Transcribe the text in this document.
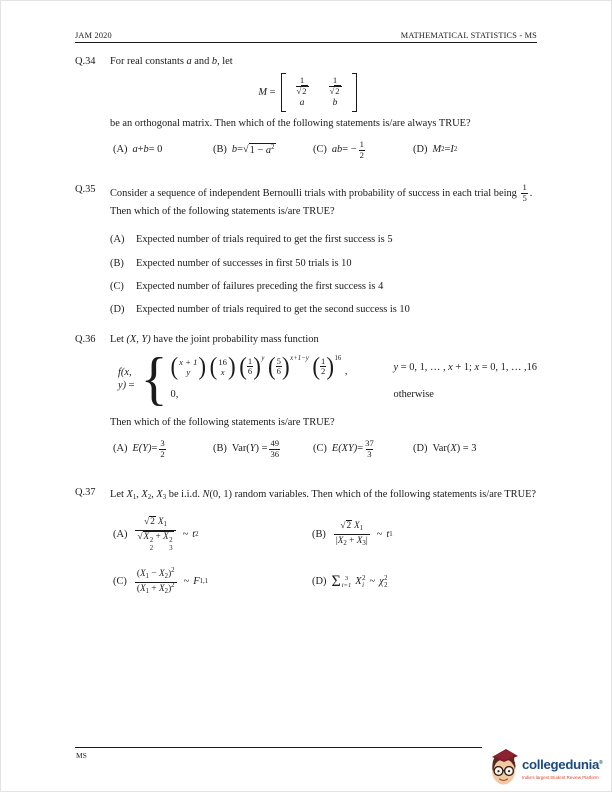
JAM 2020	MATHEMATICAL STATISTICS - MS
Q.34	For real constants a and b, let
M
= $\frac{1}{√2} \frac{1}{√2}$
a	b
be an orthogonal matrix. Then which of the following statements is/are always TRUE?
(A) a + b = 0	(B) b = √ $1 - a^2$	(C) ab = − $\frac{1}{2}$	(D) M 2 = I 2
Q.35	Consider a sequence of independent Bernoulli trials with probability of success in each trial being $\frac{1}{5}$ . Then which of the following statements is/are TRUE?
(A)	Expected number of trials required to get the first success is 5
(B)	Expected number of successes in first 50 trials is 10
(C)	Expected number of failures preceding the first success is 4
(D)	Expected number of trials required to get the second success is 10
Q.36	Let (X, Y) have the joint probability mass function
f(x, y) = { ( x + 1
y )
( 16
x )
( $\frac{1}{6} )^y$
( $\frac{5}{6} )^{x+1-y}$
( $\frac{1}{2} )^{16}$
,	y = 0, 1, … , x + 1; x = 0, 1, … ,16
0,	otherwise
Then which of the following statements is/are TRUE?
(A) $E(Y) = \frac{3}{2}$	(B) Var( Y ) = $\frac{49}{36}$	(C) $E(XY) = \frac{37}{3}$	(D) Var( X ) = 3
Q.37	Let $X_1$, $X_2$, $X_3$ be i.i.d. N(0, 1) random variables. Then which of the following statements is/are TRUE?
(A)
√2  $X_1$
√X 2
2
+ X 2
3
~ t 2	(B)
√2  $X_1$
$|X_2 + X_3|$
~ t 1
(C)
$(X_1 - X_2)^2$
$(X_1 + X_2)^2$ ~ F 1,1	(D) Σ 3
i=1 X 2
i ~ χ 2
2
MS
collegedunia®
India's largest Student Review Platform
